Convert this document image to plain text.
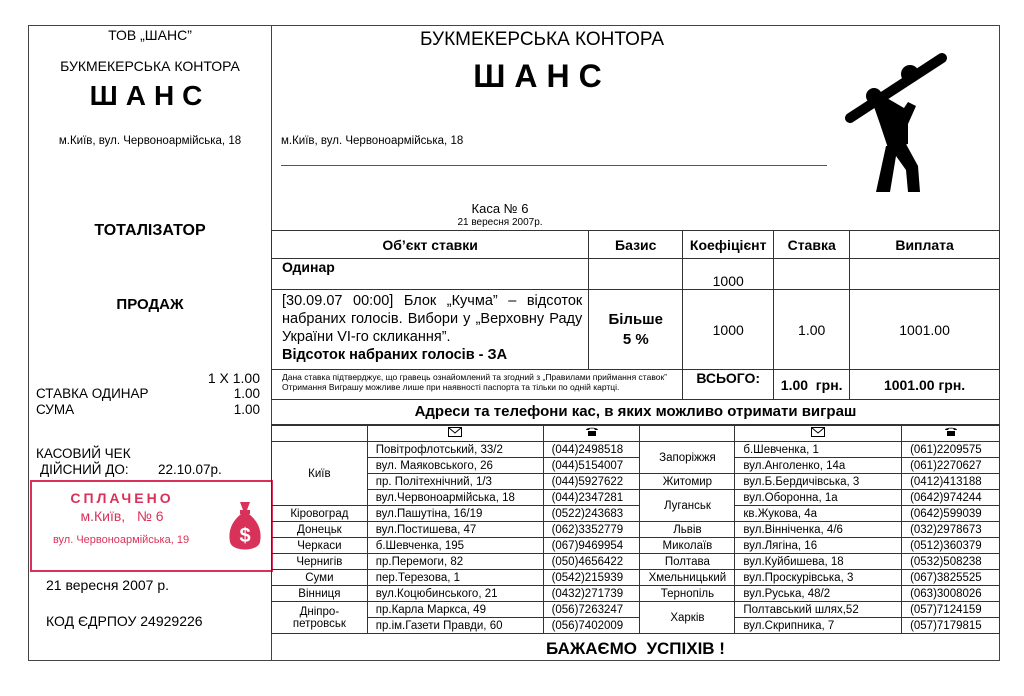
ТОВ „ШАНС”
БУКМЕКЕРСЬКА КОНТОРА
ШАНС
м.Київ, вул. Червоноармійська, 18
ТОТАЛІЗАТОР
ПРОДАЖ
1 X 1.00
СТАВКА ОДИНАР	1.00
СУМА	1.00
КАСОВИЙ ЧЕК
ДІЙСНИЙ ДО: 22.10.07р.
СПЛАЧЕНО
м.Київ,   № 6
вул. Червоноармійська, 19	$
21 вересня 2007 р.
КОД ЄДРПОУ 24929226
БУКМЕКЕРСЬКА КОНТОРА
ШАНС
м.Київ, вул. Червоноармійська, 18
Каса № 6
21 вересня 2007р.
Об’єкт ставки	Базис	Коефіцієнт	Ставка	Виплата
Одинар		1000		

[30.09.07 00:00] Блок „Кучма” – відсоток набраних голосів. Вибори у „Верховну Раду України VI-го скликання”.
Відсоток набраних голосів - ЗА	Більше 5 %	1000	1.00	1001.00
Дана ставка підтверджує, що гравець ознайомлений та згодний з „Правилами приймання ставок” Отримання Виграшу можливе лише при наявності паспорта та тільки по одній картці.		ВСЬОГО:	1.00  грн.	1001.00 грн.
Адреси та телефони кас, в яких можливо отримати виграш

Київ	Повітрофлотський, 33/2	(044)2498518	Запоріжжя	б.Шевченка, 1	(061)2209575
	вул. Маяковського, 26	(044)5154007		вул.Анголенко, 14а	(061)2270627
	пр. Політехнічний, 1/3	(044)5927622	Житомир	вул.Б.Бердичівська, 3	(0412)413188
	вул.Червоноармійська, 18	(044)2347281	Луганськ	вул.Оборонна, 1а	(0642)974244
Кіровоград	вул.Пашутіна, 16/19	(0522)243683		кв.Жукова, 4а	(0642)599039
Донецьк	вул.Постишева, 47	(062)3352779	Львів	вул.Вінніченка, 4/6	(032)2978673
Черкаси	б.Шевченка, 195	(067)9469954	Миколаїв	вул.Лягіна, 16	(0512)360379
Чернигів	пр.Перемоги, 82	(050)4656422	Полтава	вул.Куйбишева, 18	(0532)508238
Суми	пер.Терезова, 1	(0542)215939	Хмельницький	вул.Проскурівська, 3	(067)3825525
Вінниця	вул.Коцюбинського, 21	(0432)271739	Тернопіль	вул.Руська, 48/2	(063)3008026
Дніпро-петровськ	пр.Карла Маркса, 49	(056)7263247	Харків	Полтавський шлях,52	(057)7124159
	пр.ім.Газети Правди, 60	(056)7402009		вул.Скрипника, 7	(057)7179815
БАЖАЄМО  УСПІХІВ !
